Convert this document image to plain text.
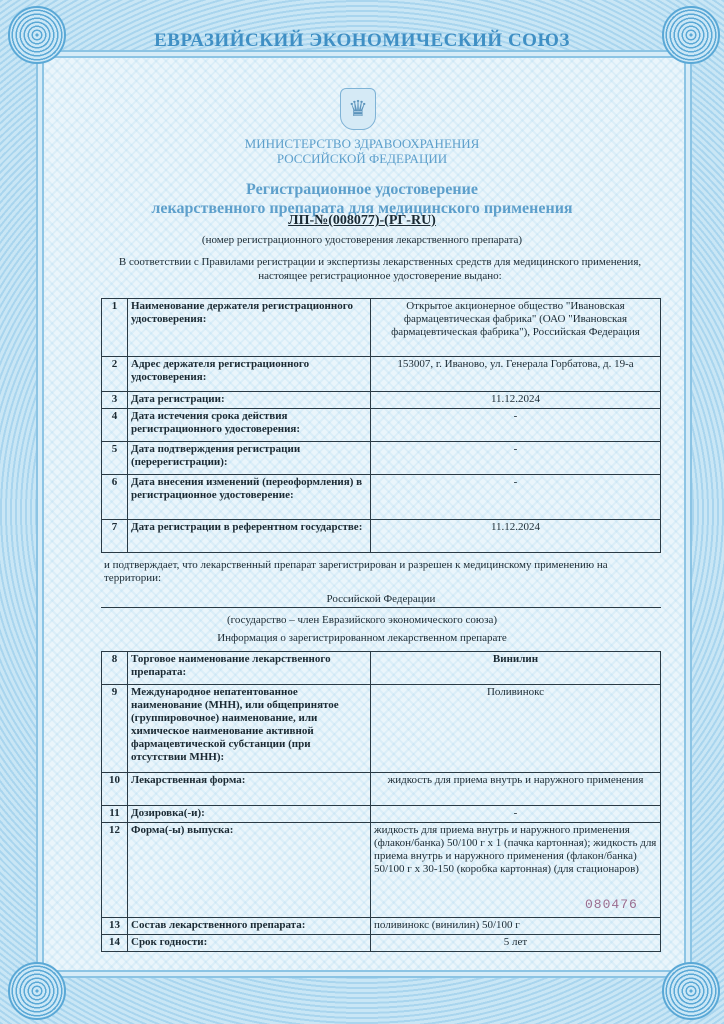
ЕВРАЗИЙСКИЙ ЭКОНОМИЧЕСКИЙ СОЮЗ
♛
МИНИСТЕРСТВО ЗДРАВООХРАНЕНИЯ
РОССИЙСКОЙ ФЕДЕРАЦИИ
Регистрационное удостоверение
лекарственного препарата для медицинского применения
ЛП-№(008077)-(РГ-RU)
(номер регистрационного удостоверения лекарственного препарата)
В соответствии с Правилами регистрации и экспертизы лекарственных средств для медицинского применения, настоящее регистрационное удостоверение выдано:
1	Наименование держателя регистрационного удостоверения:	Открытое акционерное общество "Ивановская фармацевтическая фабрика" (ОАО "Ивановская фармацевтическая фабрика"), Российская Федерация
2	Адрес держателя регистрационного удостоверения:	153007, г. Иваново, ул. Генерала Горбатова, д. 19-а
3	Дата регистрации:	11.12.2024
4	Дата истечения срока действия регистрационного удостоверения:	-
5	Дата подтверждения регистрации (перерегистрации):	-
6	Дата внесения изменений (переоформления) в регистрационное удостоверение:	-
7	Дата регистрации в референтном государстве:	11.12.2024
и подтверждает, что лекарственный препарат зарегистрирован и разрешен к медицинскому применению на территории:
Российской Федерации
(государство – член Евразийского экономического союза)
Информация о зарегистрированном лекарственном препарате
8	Торговое наименование лекарственного препарата:	Винилин
9	Международное непатентованное наименование (МНН), или общепринятое (группировочное) наименование, или химическое наименование активной фармацевтической субстанции (при отсутствии МНН):	Поливинокс
10	Лекарственная форма:	жидкость для приема внутрь и наружного применения
11	Дозировка(-и):	-
12	Форма(-ы) выпуска:	жидкость для приема внутрь и наружного применения (флакон/банка) 50/100 г х 1 (пачка картонная); жидкость для приема внутрь и наружного применения (флакон/банка) 50/100 г х 30-150 (коробка картонная) (для стационаров)
13	Состав лекарственного препарата:	поливинокс (винилин) 50/100 г
14	Срок годности:	5 лет
080476
